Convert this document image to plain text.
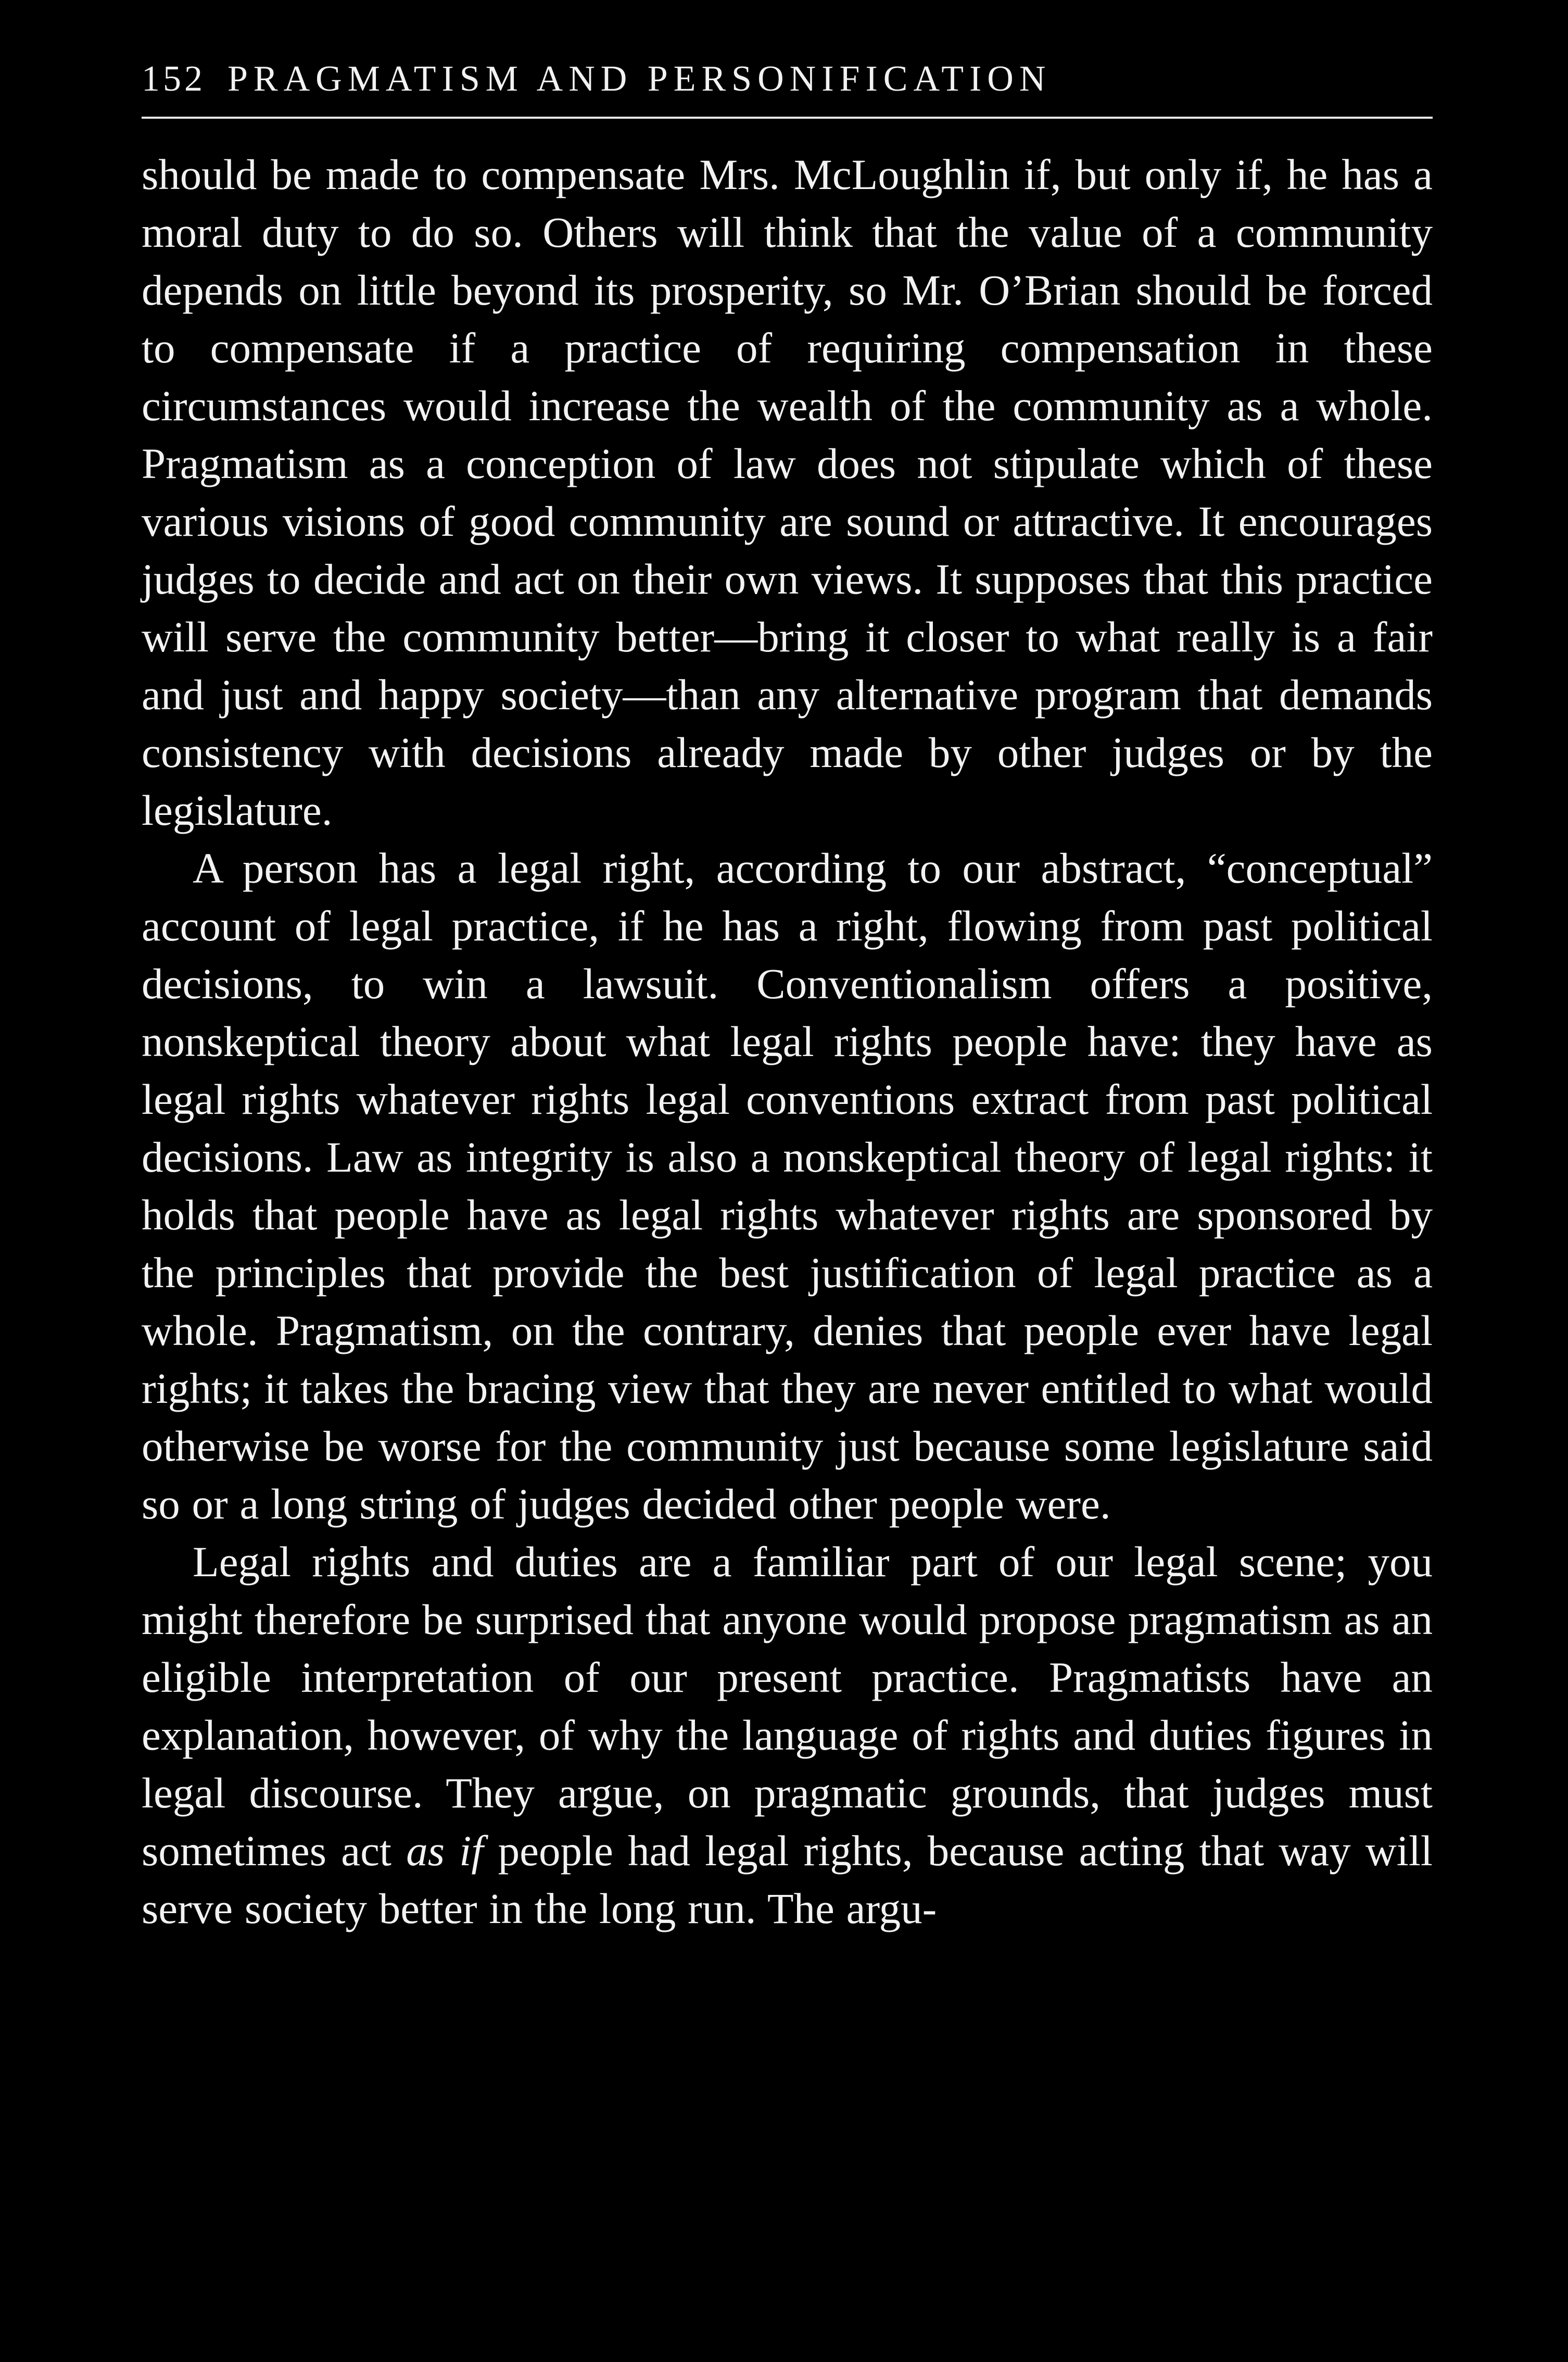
152 PRAGMATISM AND PERSONIFICATION

should be made to compensate Mrs. McLoughlin if, but only if, he has a moral duty to do so. Others will think that the value of a community depends on little beyond its prosperity, so Mr. O’Brian should be forced to compensate if a practice of requiring compensation in these circumstances would increase the wealth of the community as a whole. Pragmatism as a conception of law does not stipulate which of these various visions of good community are sound or attractive. It encourages judges to decide and act on their own views. It supposes that this practice will serve the community better—bring it closer to what really is a fair and just and happy society—than any alternative program that demands consistency with decisions already made by other judges or by the legislature.

A person has a legal right, according to our abstract, “conceptual” account of legal practice, if he has a right, flowing from past political decisions, to win a lawsuit. Conventionalism offers a positive, nonskeptical theory about what legal rights people have: they have as legal rights whatever rights legal conventions extract from past political decisions. Law as integrity is also a nonskeptical theory of legal rights: it holds that people have as legal rights whatever rights are sponsored by the principles that provide the best justification of legal practice as a whole. Pragmatism, on the contrary, denies that people ever have legal rights; it takes the bracing view that they are never entitled to what would otherwise be worse for the community just because some legislature said so or a long string of judges decided other people were.

Legal rights and duties are a familiar part of our legal scene; you might therefore be surprised that anyone would propose pragmatism as an eligible interpretation of our present practice. Pragmatists have an explanation, however, of why the language of rights and duties figures in legal discourse. They argue, on pragmatic grounds, that judges must sometimes act as if people had legal rights, because acting that way will serve society better in the long run. The argu-
